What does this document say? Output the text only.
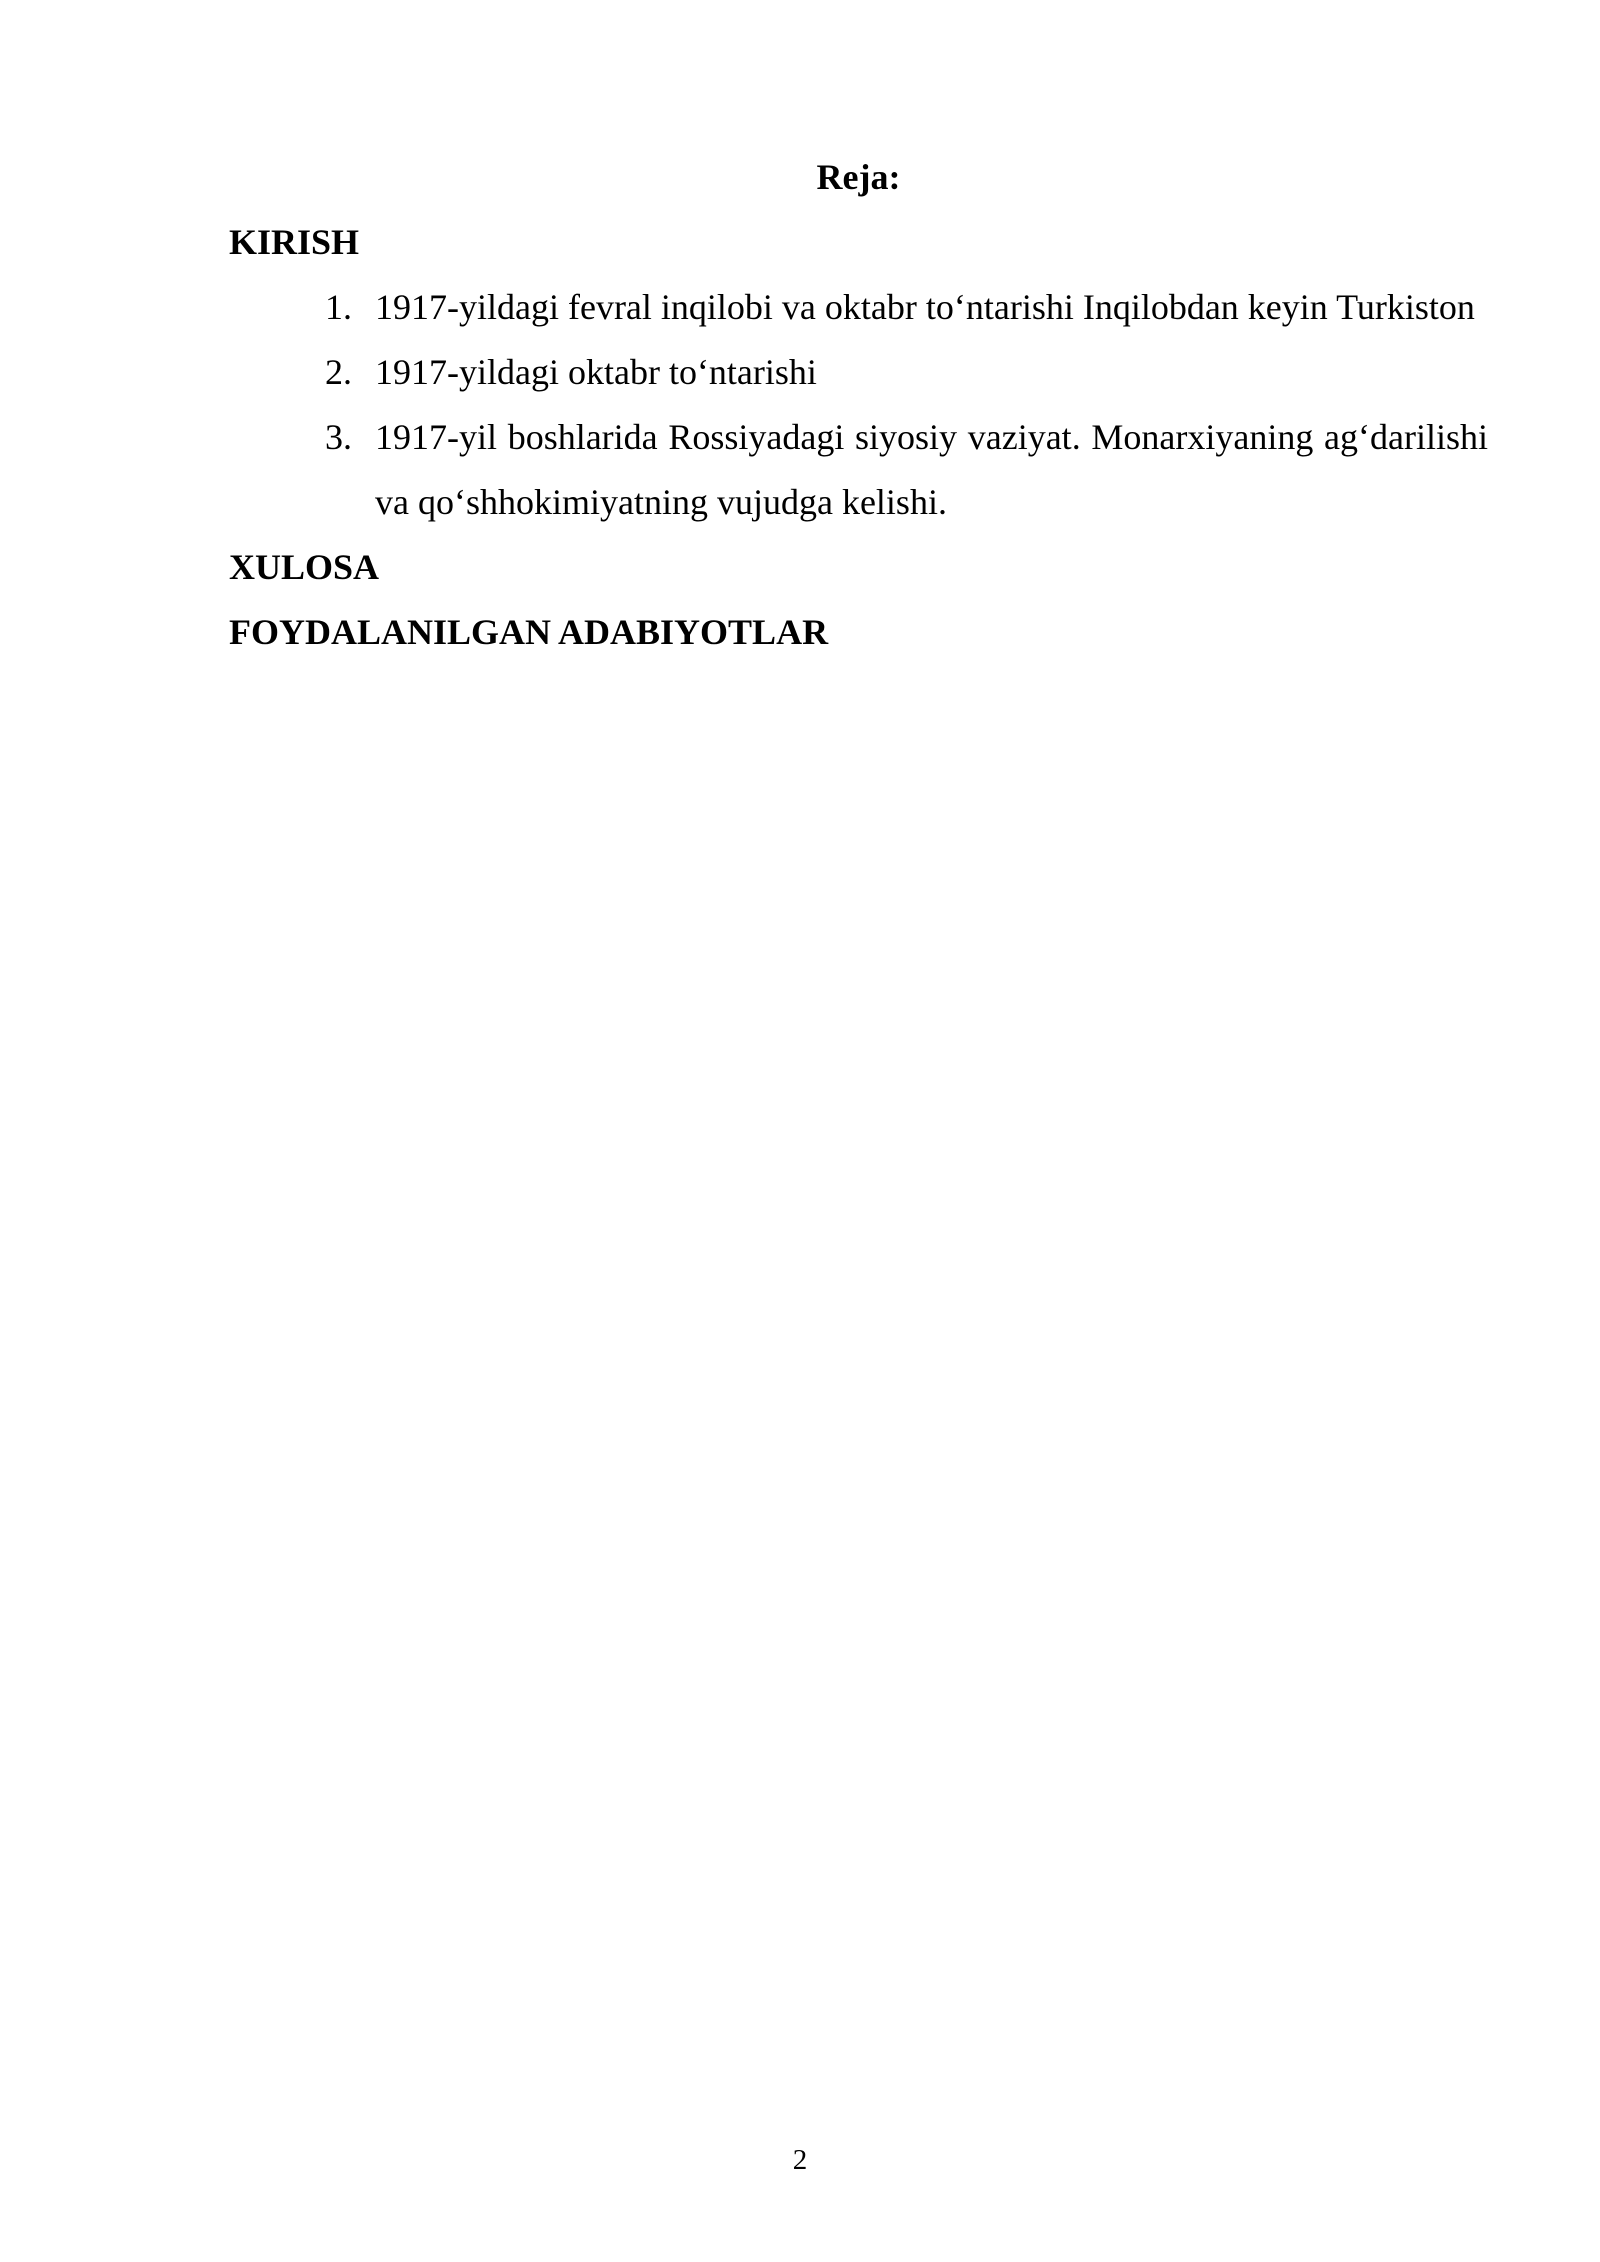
Reja:

KIRISH

1. 1917-yildagi fevral inqilobi va oktabr to‘ntarishi Inqilobdan keyin Turkiston
2. 1917-yildagi oktabr to‘ntarishi
3. 1917-yil boshlarida Rossiyadagi siyosiy vaziyat. Monarxiyaning ag‘darilishi va qo‘shhokimiyatning vujudga kelishi.

XULOSA

FOYDALANILGAN ADABIYOTLAR

2
